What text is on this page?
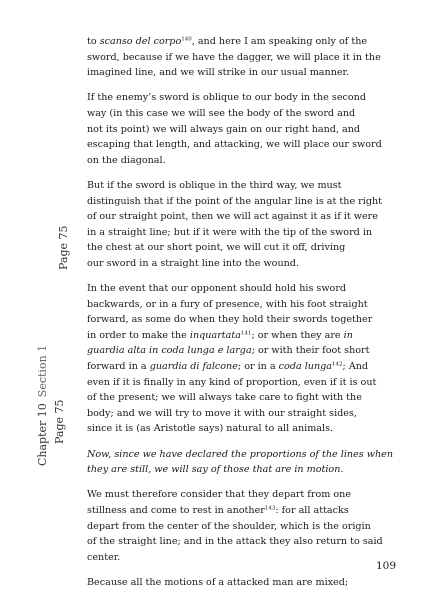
to scanso del corpo$^{140}$, and here I am speaking only of the
sword, because if we have the dagger, we will place it in the
imagined line, and we will strike in our usual manner.

If the enemy’s sword is oblique to our body in the second
way (in this case we will see the body of the sword and
not its point) we will always gain on our right hand, and
escaping that length, and attacking, we will place our sword
on the diagonal.

But if the sword is oblique in the third way, we must
distinguish that if the point of the angular line is at the right
of our straight point, then we will act against it as if it were
in a straight line; but if it were with the tip of the sword in
the chest at our short point, we will cut it off, driving
our sword in a straight line into the wound.

In the event that our opponent should hold his sword
backwards, or in a fury of presence, with his foot straight
forward, as some do when they hold their swords together
in order to make the inquartata$^{141}$; or when they are in
guardia alta in coda lunga e larga; or with their foot short
forward in a guardia di falcone; or in a coda lunga$^{142}$; And
even if it is finally in any kind of proportion, even if it is out
of the present; we will always take care to fight with the
body; and we will try to move it with our straight sides,
since it is (as Aristotle says) natural to all animals.

Now, since we have declared the proportions of the lines when
they are still, we will say of those that are in motion.

We must therefore consider that they depart from one
stillness and come to rest in another$^{143}$: for all attacks
depart from the center of the shoulder, which is the origin
of the straight line; and in the attack they also return to said
center.

Because all the motions of a attacked man are mixed;

Page 75
Chapter 10Section 1
Page 75
109
